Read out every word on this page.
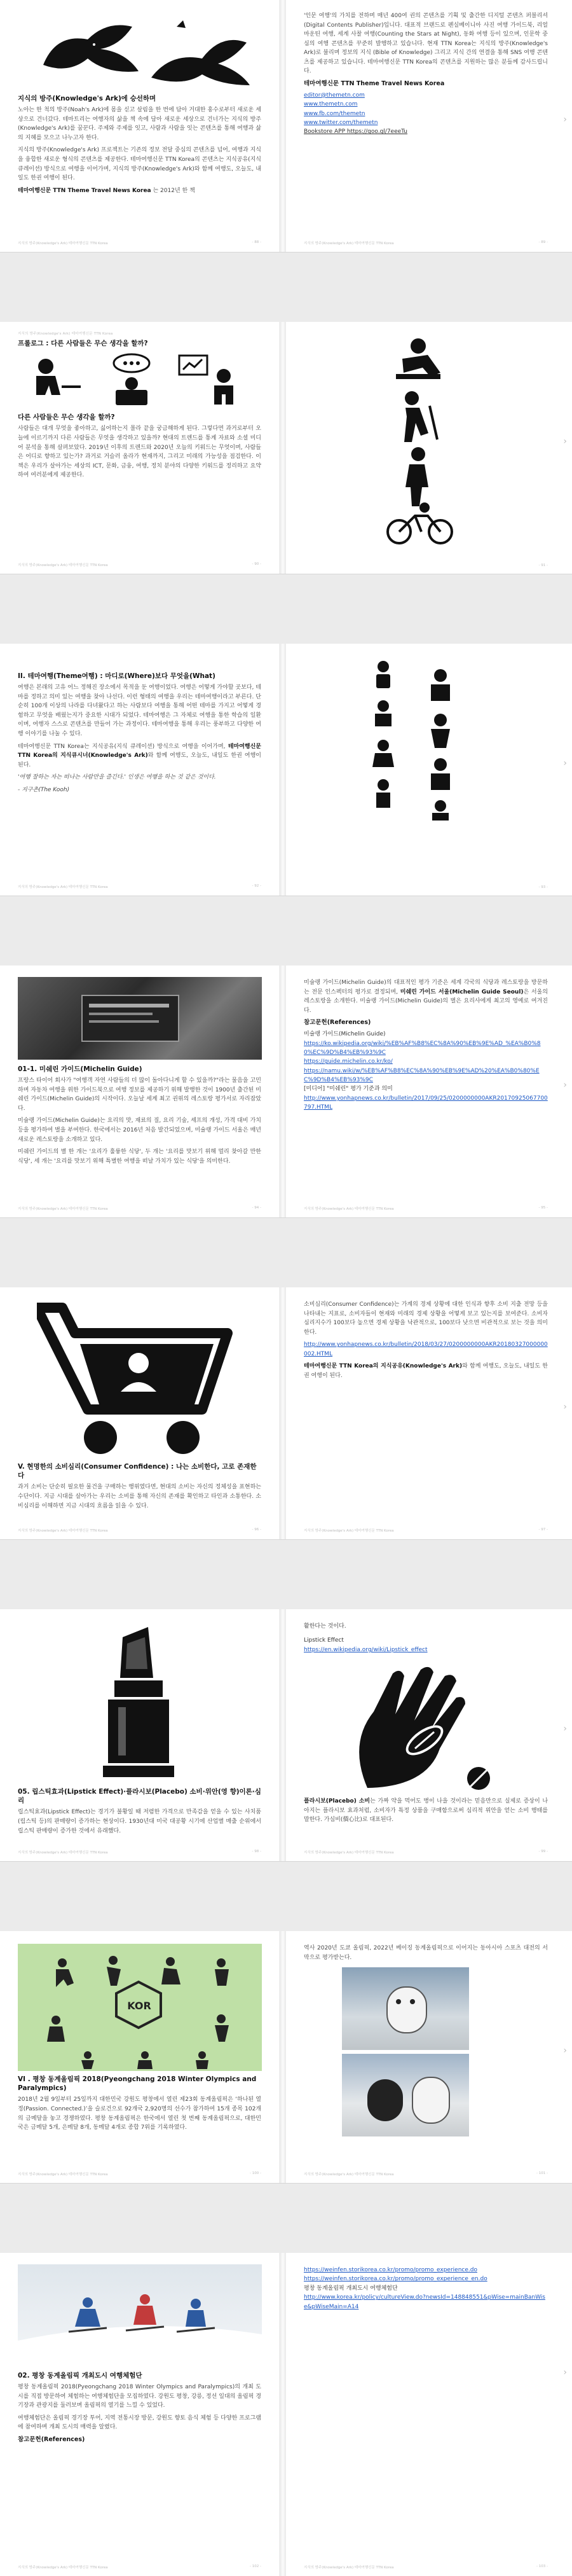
지식의 방주(Knowledge's Ark)에 승선하며
노아는 한 척의 방주(Noah's Ark)에 몸을 싣고 살림을 한 번에 담아 거대한 홍수로부터 새로운 세상으로 건너갔다. 테마트리는 여행자의 삶을 책 속에 담아 새로운 세상으로 건너가는 지식의 방주(Knowledge's Ark)를 꿈꾼다. 주제와 주제를 잇고, 사람과 사람을 잇는 콘텐츠를 통해 여행과 삶의 지혜를 모으고 나누고자 한다.
지식의 방주(Knowledge's Ark) 프로젝트는 기존의 정보 전달 중심의 콘텐츠를 넘어, 여행과 지식을 융합한 새로운 형식의 콘텐츠를 제공한다. 테마여행신문 TTN Korea의 콘텐츠는 지식공유(지식 큐레이션) 방식으로 여행을 이어가며, 지식의 방주(Knowledge's Ark)와 함께 여행도, 오늘도, 내일도 한권 여행이 된다.
테마여행신문 TTN Theme Travel News Korea 는 2012년 한 책
- 88 -
지식의 방주(Knowledge's Ark) 테마여행신문 TTN Korea
'인문 여행'의 가치를 전하며 매년 400여 권의 콘텐츠를 기획 및 출간한 디지털 콘텐츠 퍼블리셔(Digital Contents Publisher)입니다. 대표적 브랜드로 펜실베이니아 사진 여행 가이드북, 리얼 마운틴 여행, 세계 사찰 여행(Counting the Stars at Night), 동화 여행 등이 있으며, 인문학 중심의 여행 콘텐츠를 꾸준히 발행하고 있습니다. 현재 TTN Korea는 지식의 방주(Knowledge's Ark)로 불리며 정보의 지식 (Bible of Knowledge) 그리고 지식 간의 연결을 통해 SNS 여행 콘텐츠를 제공하고 있습니다. 테마여행신문 TTN Korea의 콘텐츠를 지원하는 많은 분들께 감사드립니다.
테마여행신문 TTN Theme Travel News Korea
editor@themetn.com
www.themetn.com
www.fb.com/themetn
www.twitter.com/themetn
Bookstore APP https://goo.gl/7eeeTu
- 89 -
지식의 방주(Knowledge's Ark) 테마여행신문 TTN Korea
›
지식의 방주(Knowledge's Ark) 테마여행신문 TTN Korea
프롤로그 : 다른 사람들은 무슨 생각을 할까?
다른 사람들은 무슨 생각을 할까?
사람들은 대개 무엇을 좋아하고, 싫어하는지 몰라 끝을 궁금해하게 된다. 그렇다면 과거로부터 오늘에 이르기까지 다른 사람들은 무엇을 생각하고 있을까? 현대의 트렌드를 통계 자료와 소셜 미디어 분석을 통해 살펴보았다. 2019년 이후의 트렌드와 2020년 오늘의 키워드는 무엇이며, 사람들은 어디로 향하고 있는가? 과거로 거슬러 올라가 현재까지, 그리고 미래의 가능성을 점검한다. 이 책은 우리가 살아가는 세상의 ICT, 문화, 금융, 여행, 정치 분야의 다양한 키워드를 정리하고 요약하여 여러분에게 제공한다.
- 90 -
지식의 방주(Knowledge's Ark) 테마여행신문 TTN Korea	- 91 -
›
II. 테마여행(Theme여행) : 마디로(Where)보다 무엇을(What)
여행은 본래의 고유 어느 정해진 장소에서 목적을 둔 여행이었다. 여행은 어떻게 가야할 곳보다, 테마를 정하고 의미 있는 여행을 찾아 나선다. 이런 형태의 여행을 우리는 테마여행이라고 부른다. 단순히 100개 이상의 나라를 다녀왔다고 하는 사람보다 여행을 통해 어떤 테마를 가지고 어떻게 경험하고 무엇을 배웠는지가 중요한 시대가 되었다. 테마여행은 그 자체로 여행을 통한 학습의 일환이며, 여행자 스스로 콘텐츠를 만들어 가는 과정이다. 테마여행을 통해 우리는 풍부하고 다양한 여행 이야기를 나눌 수 있다.
테마여행신문 TTN Korea는 지식공유(지식 큐레이션) 방식으로 여행을 이어가며, 테마여행신문 TTN Korea의 지식큐시너(Knowledge's Ark)와 함께 여행도, 오늘도, 내일도 한권 여행이 된다.
'여행 잘하는 자는 떠나는 사람만을 즐긴다.' 인생은 여행을 하는 것 같은 것이다.
- 지구촌(The Kooh)
- 92 -
지식의 방주(Knowledge's Ark) 테마여행신문 TTN Korea	- 93 -
›
01-1. 미쉐린 가이드(Michelin Guide)
프랑스 타이어 회사가 "여행객 자연 사람들의 더 많이 돌아다니게 할 수 있을까?"라는 물음을 고민하며 자동차 여행을 위한 가이드북으로 여행 정보를 제공하기 위해 발행한 것이 1900년 출간된 미쉐린 가이드(Michelin Guide)의 시작이다. 오늘날 세계 최고 권위의 레스토랑 평가서로 자리잡았다.
미슐랭 가이드(Michelin Guide)는 요리의 맛, 재료의 질, 요리 기술, 셰프의 개성, 가격 대비 가치 등을 평가하여 별을 부여한다. 한국에서는 2016년 처음 발간되었으며, 미슐랭 가이드 서울은 매년 새로운 레스토랑을 소개하고 있다.
미쉐린 가이드의 별 한 개는 '요리가 훌륭한 식당', 두 개는 '요리를 맛보기 위해 멀리 찾아갈 만한 식당', 세 개는 '요리를 맛보기 위해 특별한 여행을 떠날 가치가 있는 식당'을 의미한다.
- 94 -
지식의 방주(Knowledge's Ark) 테마여행신문 TTN Korea
미슐랭 가이드(Michelin Guide)의 대표적인 평가 기준은 세계 각국의 식당과 레스토랑을 방문하는 전문 인스펙터의 평가로 결정되며, 미쉐린 가이드 서울(Michelin Guide Seoul)은 서울의 레스토랑을 소개한다. 미슐랭 가이드(Michelin Guide)의 별은 요리사에게 최고의 영예로 여겨진다.
참고문헌(References)
미슐랭 가이드(Michelin Guide)
https://ko.wikipedia.org/wiki/%EB%AF%B8%EC%8A%90%EB%9E%AD_%EA%B0%80%EC%9D%B4%EB%93%9C
https://guide.michelin.co.kr/ko/
https://namu.wiki/w/%EB%AF%B8%EC%8A%90%EB%9E%AD%20%EA%B0%80%EC%9D%B4%EB%93%9C
[미디어] "미쉐린" 평가 기준과 의미
http://www.yonhapnews.co.kr/bulletin/2017/09/25/0200000000AKR20170925067700797.HTML
- 95 -
지식의 방주(Knowledge's Ark) 테마여행신문 TTN Korea
›
V. 현명한의 소비심리(Consumer Confidence) : 나는 소비한다, 고로 존재한다
과거 소비는 단순히 필요한 물건을 구매하는 행위였다면, 현대의 소비는 자신의 정체성을 표현하는 수단이다. 지금 시대를 살아가는 우리는 소비를 통해 자신의 존재를 확인하고 타인과 소통한다. 소비심리를 이해하면 지금 시대의 흐름을 읽을 수 있다.
- 96 -
지식의 방주(Knowledge's Ark) 테마여행신문 TTN Korea
소비심리(Consumer Confidence)는 가계의 경제 상황에 대한 인식과 향후 소비 지출 전망 등을 나타내는 지표로, 소비자들이 현재와 미래의 경제 상황을 어떻게 보고 있는지를 보여준다. 소비자심리지수가 100보다 높으면 경제 상황을 낙관적으로, 100보다 낮으면 비관적으로 보는 것을 의미한다.
http://www.yonhapnews.co.kr/bulletin/2018/03/27/0200000000AKR20180327000000002.HTML
테마여행신문 TTN Korea의 지식공유(Knowledge's Ark)와 함께 여행도, 오늘도, 내일도 한권 여행이 된다.
- 97 -
지식의 방주(Knowledge's Ark) 테마여행신문 TTN Korea
›
05. 립스틱효과(Lipstick Effect)·플라시보(Placebo) 소비·위안(영 향)이론·심리
립스틱효과(Lipstick Effect)는 경기가 불황일 때 저렴한 가격으로 만족감을 얻을 수 있는 사치품(립스틱 등)의 판매량이 증가하는 현상이다. 1930년대 미국 대공황 시기에 산업별 매출 순위에서 립스틱 판매량이 증가한 것에서 유래했다.
- 98 -
지식의 방주(Knowledge's Ark) 테마여행신문 TTN Korea
활한다는 것이다.
Lipstick Effect
https://en.wikipedia.org/wiki/Lipstick_effect
플라시보(Placebo) 소비는 가짜 약을 먹어도 병이 나을 것이라는 믿음만으로 실제로 증상이 나아지는 플라시보 효과처럼, 소비자가 특정 상품을 구매함으로써 심리적 위안을 얻는 소비 행태를 말한다. 가심비(價心比)로 대표된다.
- 99 -
지식의 방주(Knowledge's Ark) 테마여행신문 TTN Korea
›
KOR
VI . 평창 동계올림픽 2018(Pyeongchang 2018 Winter Olympics and Paralympics)
2018년 2월 9일부터 25일까지 대한민국 강원도 평창에서 열린 제23회 동계올림픽은 ‘하나된 열정(Passion. Connected.)’을 슬로건으로 92개국 2,920명의 선수가 참가하여 15개 종목 102개의 금메달을 놓고 경쟁하였다. 평창 동계올림픽은 한국에서 열린 첫 번째 동계올림픽으로, 대한민국은 금메달 5개, 은메달 8개, 동메달 4개로 종합 7위를 기록하였다.
- 100 -
지식의 방주(Knowledge's Ark) 테마여행신문 TTN Korea
역사 2020년 도쿄 올림픽, 2022년 베이징 동계올림픽으로 이어지는 동아시아 스포츠 대전의 서막으로 평가받는다.
- 101 -
지식의 방주(Knowledge's Ark) 테마여행신문 TTN Korea
›
02. 평창 동계올림픽 개최도시 여행체험단
평창 동계올림픽 2018(Pyeongchang 2018 Winter Olympics and Paralympics)의 개최 도시를 직접 방문하여 체험하는 여행체험단을 모집하였다. 강원도 평창, 강릉, 정선 일대의 올림픽 경기장과 관광지를 둘러보며 올림픽의 열기를 느낄 수 있었다.
여행체험단은 올림픽 경기장 투어, 지역 전통시장 방문, 강원도 향토 음식 체험 등 다양한 프로그램에 참여하며 개최 도시의 매력을 알렸다.
참고문헌(References)
- 102 -
지식의 방주(Knowledge's Ark) 테마여행신문 TTN Korea
https://weinfen.storikorea.co.kr/promo/promo_experience.do
https://weinfen.storikorea.co.kr/promo/promo_experience_en.do
평창 동계올림픽 개최도시 여행체험단
http://www.korea.kr/policy/cultureView.do?newsId=148848551&pWise=mainBanWise&pWiseMain=A14
- 103 -
지식의 방주(Knowledge's Ark) 테마여행신문 TTN Korea
›
